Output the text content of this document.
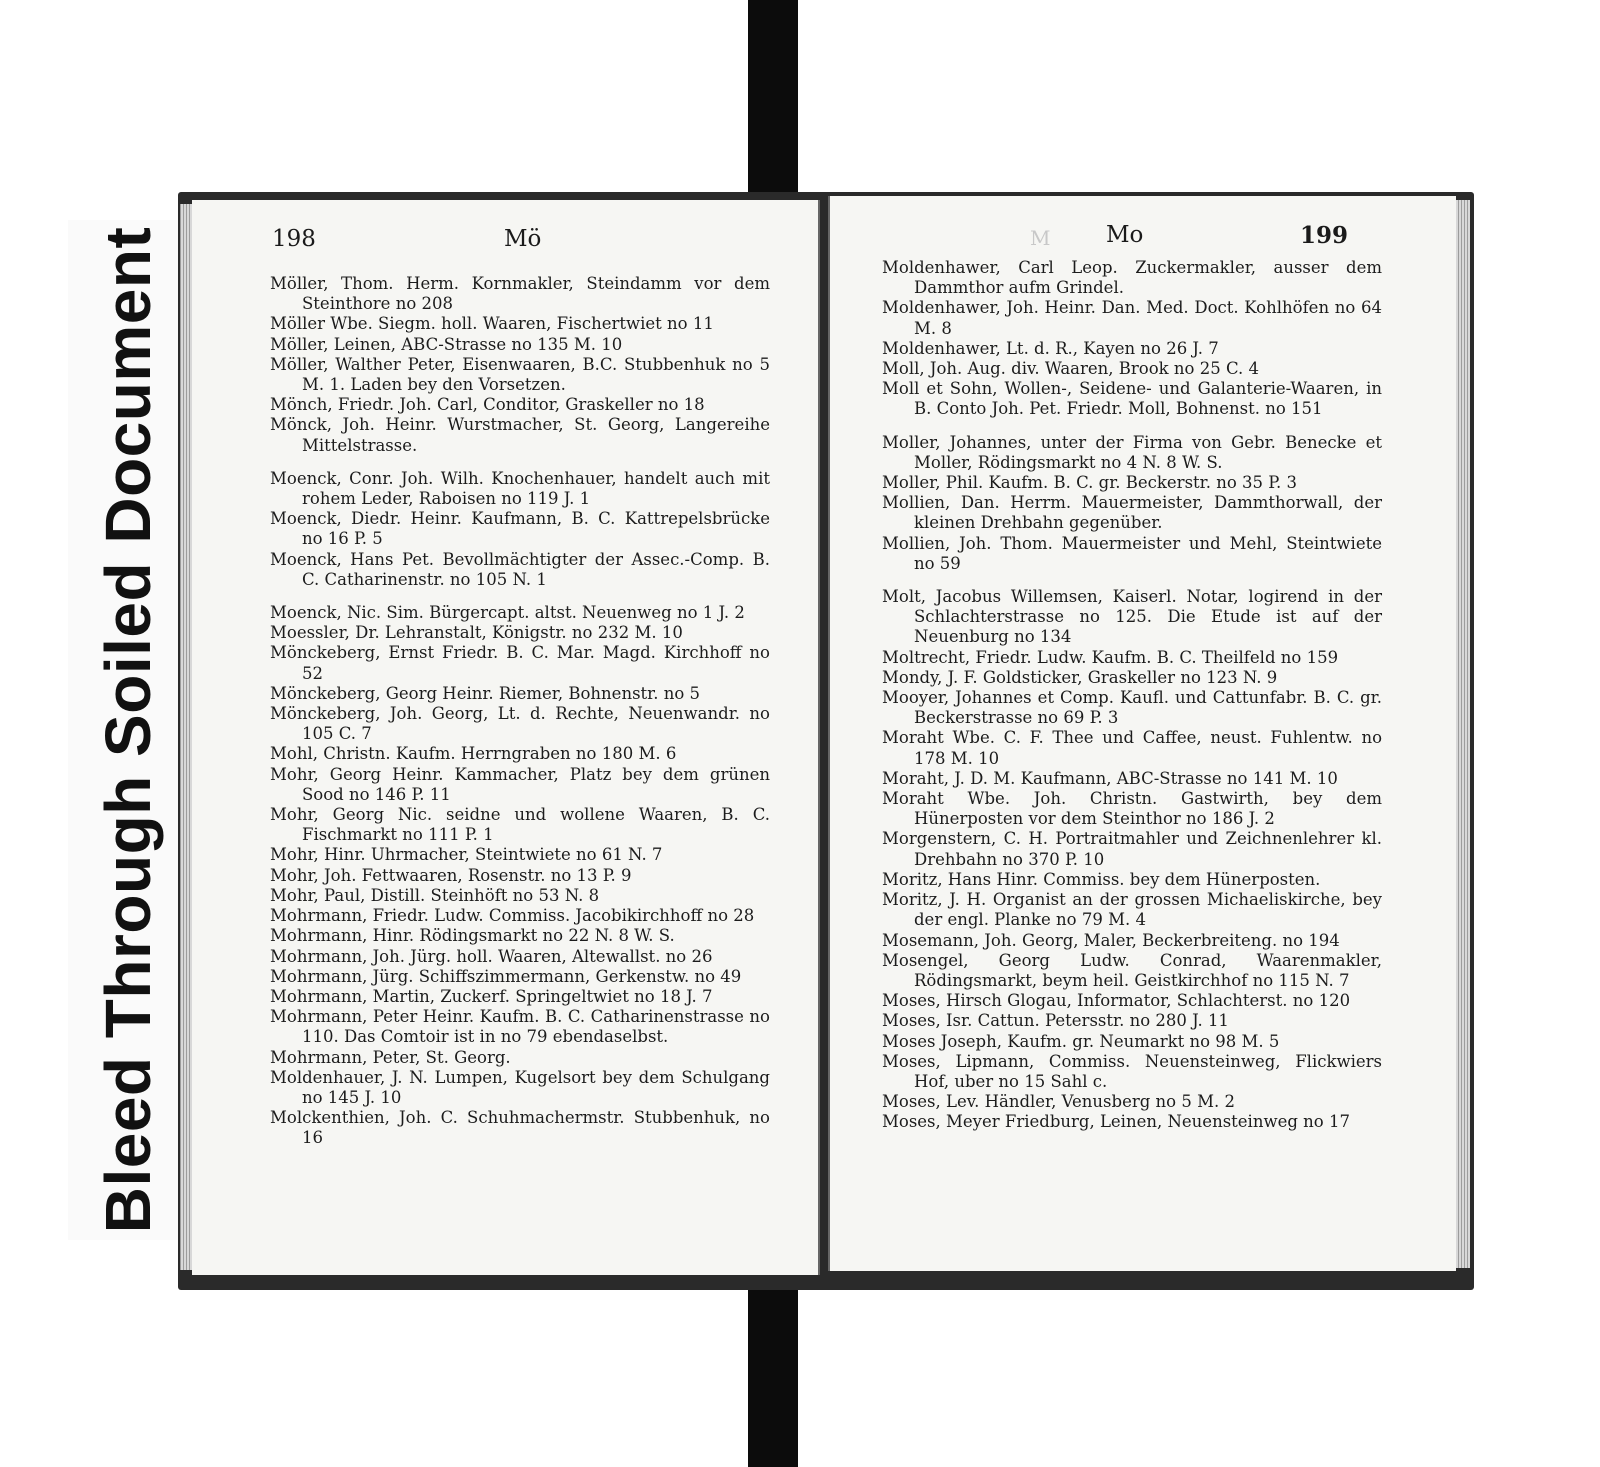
Bleed Through Soiled Document	198	Mö
Möller, Thom. Herm. Kornmakler, Steindamm vor dem Steinthore no 208
Möller Wbe. Siegm. holl. Waaren, Fischertwiet no 11
Möller, Leinen, ABC-Strasse no 135 M. 10
Möller, Walther Peter, Eisenwaaren, B.C. Stubbenhuk no 5 M. 1. Laden bey den Vorsetzen.
Mönch, Friedr. Joh. Carl, Conditor, Graskeller no 18
Mönck, Joh. Heinr. Wurstmacher, St. Georg, Langereihe Mittelstrasse.
Moenck, Conr. Joh. Wilh. Knochenhauer, handelt auch mit rohem Leder, Raboisen no 119 J. 1
Moenck, Diedr. Heinr. Kaufmann, B. C. Kattrepelsbrücke no 16 P. 5
Moenck, Hans Pet. Bevollmächtigter der Assec.-Comp. B. C. Catharinenstr. no 105 N. 1
Moenck, Nic. Sim. Bürgercapt. altst. Neuenweg no 1 J. 2
Moessler, Dr. Lehranstalt, Königstr. no 232 M. 10
Mönckeberg, Ernst Friedr. B. C. Mar. Magd. Kirchhoff no 52
Mönckeberg, Georg Heinr. Riemer, Bohnenstr. no 5
Mönckeberg, Joh. Georg, Lt. d. Rechte, Neuenwandr. no 105 C. 7
Mohl, Christn. Kaufm. Herrngraben no 180 M. 6
Mohr, Georg Heinr. Kammacher, Platz bey dem grünen Sood no 146 P. 11
Mohr, Georg Nic. seidne und wollene Waaren, B. C. Fischmarkt no 111 P. 1
Mohr, Hinr. Uhrmacher, Steintwiete no 61 N. 7
Mohr, Joh. Fettwaaren, Rosenstr. no 13 P. 9
Mohr, Paul, Distill. Steinhöft no 53 N. 8
Mohrmann, Friedr. Ludw. Commiss. Jacobikirchhoff no 28
Mohrmann, Hinr. Rödingsmarkt no 22 N. 8 W. S.
Mohrmann, Joh. Jürg. holl. Waaren, Altewallst. no 26
Mohrmann, Jürg. Schiffszimmermann, Gerkenstw. no 49
Mohrmann, Martin, Zuckerf. Springeltwiet no 18 J. 7
Mohrmann, Peter Heinr. Kaufm. B. C. Catharinenstrasse no 110. Das Comtoir ist in no 79 ebendaselbst.
Mohrmann, Peter, St. Georg.
Moldenhauer, J. N. Lumpen, Kugelsort bey dem Schulgang no 145 J. 10
Molckenthien, Joh. C. Schuhmachermstr. Stubbenhuk, no 16
M Mo	199
Moldenhawer, Carl Leop. Zuckermakler, ausser dem Dammthor aufm Grindel.
Moldenhawer, Joh. Heinr. Dan. Med. Doct. Kohlhöfen no 64 M. 8
Moldenhawer, Lt. d. R., Kayen no 26 J. 7
Moll, Joh. Aug. div. Waaren, Brook no 25 C. 4
Moll et Sohn, Wollen-, Seidene- und Galanterie-Waaren, in B. Conto Joh. Pet. Friedr. Moll, Bohnenst. no 151
Moller, Johannes, unter der Firma von Gebr. Benecke et Moller, Rödingsmarkt no 4 N. 8 W. S.
Moller, Phil. Kaufm. B. C. gr. Beckerstr. no 35 P. 3
Mollien, Dan. Herrm. Mauermeister, Dammthorwall, der kleinen Drehbahn gegenüber.
Mollien, Joh. Thom. Mauermeister und Mehl, Steintwiete no 59
Molt, Jacobus Willemsen, Kaiserl. Notar, logirend in der Schlachterstrasse no 125. Die Etude ist auf der Neuenburg no 134
Moltrecht, Friedr. Ludw. Kaufm. B. C. Theilfeld no 159
Mondy, J. F. Goldsticker, Graskeller no 123 N. 9
Mooyer, Johannes et Comp. Kaufl. und Cattunfabr. B. C. gr. Beckerstrasse no 69 P. 3
Moraht Wbe. C. F. Thee und Caffee, neust. Fuhlentw. no 178 M. 10
Moraht, J. D. M. Kaufmann, ABC-Strasse no 141 M. 10
Moraht Wbe. Joh. Christn. Gastwirth, bey dem Hünerposten vor dem Steinthor no 186 J. 2
Morgenstern, C. H. Portraitmahler und Zeichnenlehrer kl. Drehbahn no 370 P. 10
Moritz, Hans Hinr. Commiss. bey dem Hünerposten.
Moritz, J. H. Organist an der grossen Michaeliskirche, bey der engl. Planke no 79 M. 4
Mosemann, Joh. Georg, Maler, Beckerbreiteng. no 194
Mosengel, Georg Ludw. Conrad, Waarenmakler, Rödingsmarkt, beym heil. Geistkirchhof no 115 N. 7
Moses, Hirsch Glogau, Informator, Schlachterst. no 120
Moses, Isr. Cattun. Petersstr. no 280 J. 11
Moses Joseph, Kaufm. gr. Neumarkt no 98 M. 5
Moses, Lipmann, Commiss. Neuensteinweg, Flickwiers Hof, uber no 15 Sahl c.
Moses, Lev. Händler, Venusberg no 5 M. 2
Moses, Meyer Friedburg, Leinen, Neuensteinweg no 17
